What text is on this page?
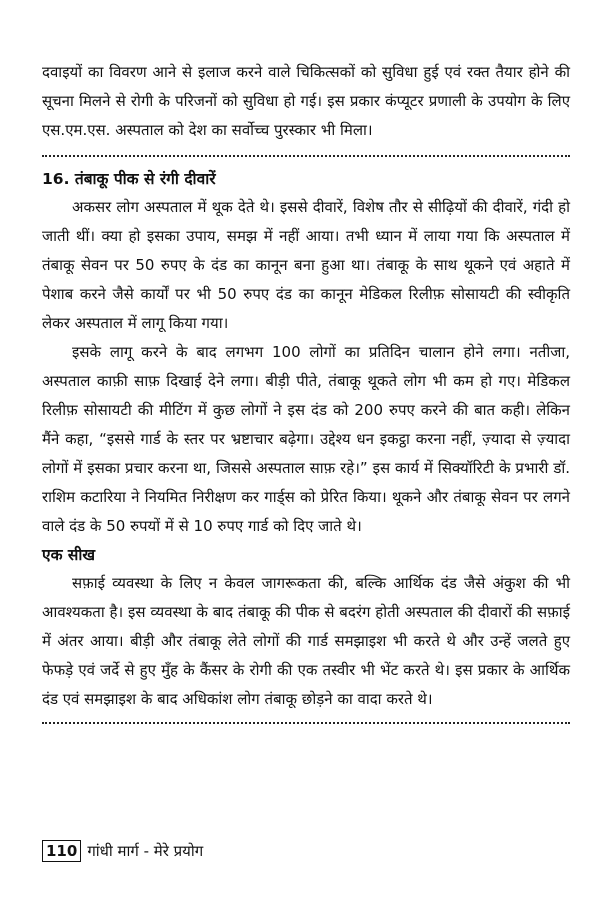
दवाइयों का विवरण आने से इलाज करने वाले चिकित्सकों को सुविधा हुई एवं रक्त तैयार होने की सूचना मिलने से रोगी के परिजनों को सुविधा हो गई। इस प्रकार कंप्यूटर प्रणाली के उपयोग के लिए एस.एम.एस. अस्पताल को देश का सर्वोच्च पुरस्कार भी मिला।

16. तंबाकू पीक से रंगी दीवारें

अकसर लोग अस्पताल में थूक देते थे। इससे दीवारें, विशेष तौर से सीढ़ियों की दीवारें, गंदी हो जाती थीं। क्या हो इसका उपाय, समझ में नहीं आया। तभी ध्यान में लाया गया कि अस्पताल में तंबाकू सेवन पर 50 रुपए के दंड का कानून बना हुआ था। तंबाकू के साथ थूकने एवं अहाते में पेशाब करने जैसे कार्यों पर भी 50 रुपए दंड का कानून मेडिकल रिलीफ़ सोसायटी की स्वीकृति लेकर अस्पताल में लागू किया गया।

इसके लागू करने के बाद लगभग 100 लोगों का प्रतिदिन चालान होने लगा। नतीजा, अस्पताल काफ़ी साफ़ दिखाई देने लगा। बीड़ी पीते, तंबाकू थूकते लोग भी कम हो गए। मेडिकल रिलीफ़ सोसायटी की मीटिंग में कुछ लोगों ने इस दंड को 200 रुपए करने की बात कही। लेकिन मैंने कहा, “इससे गार्ड के स्तर पर भ्रष्टाचार बढ़ेगा। उद्देश्य धन इकट्ठा करना नहीं, ज़्यादा से ज़्यादा लोगों में इसका प्रचार करना था, जिससे अस्पताल साफ़ रहे।” इस कार्य में सिक्यॉरिटी के प्रभारी डॉ. राशिम कटारिया ने नियमित निरीक्षण कर गार्ड्स को प्रेरित किया। थूकने और तंबाकू सेवन पर लगने वाले दंड के 50 रुपयों में से 10 रुपए गार्ड को दिए जाते थे।

एक सीख

सफ़ाई व्यवस्था के लिए न केवल जागरूकता की, बल्कि आर्थिक दंड जैसे अंकुश की भी आवश्यकता है। इस व्यवस्था के बाद तंबाकू की पीक से बदरंग होती अस्पताल की दीवारों की सफ़ाई में अंतर आया। बीड़ी और तंबाकू लेते लोगों की गार्ड समझाइश भी करते थे और उन्हें जलते हुए फेफड़े एवं जर्दे से हुए मुँह के कैंसर के रोगी की एक तस्वीर भी भेंट करते थे। इस प्रकार के आर्थिक दंड एवं समझाइश के बाद अधिकांश लोग तंबाकू छोड़ने का वादा करते थे।

110 गांधी मार्ग - मेरे प्रयोग
